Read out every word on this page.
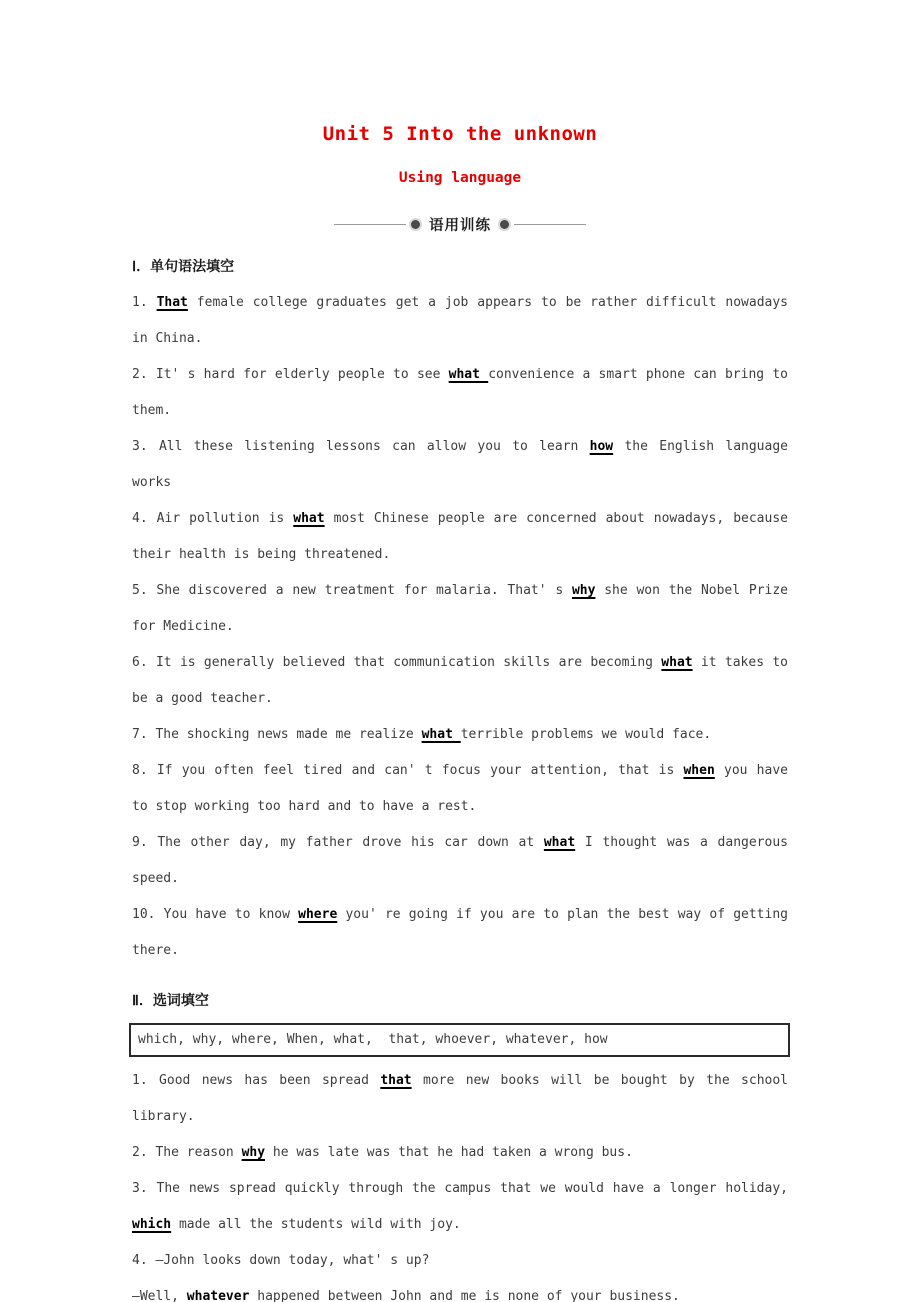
Unit 5 Into the unknown
Using language
语用训练
Ⅰ．单句语法填空

1. That female college graduates get a job appears to be rather difficult nowadays in China.

2. It' s hard for elderly people to see what convenience a smart phone can bring to them.

3. All these listening lessons can allow you to learn how the English language works

4. Air pollution is what most Chinese people are concerned about nowadays, because their health is being threatened.

5. She discovered a new treatment for malaria. That' s why she won the Nobel Prize for Medicine.

6. It is generally believed that communication skills are becoming what it takes to be a good teacher.

7. The shocking news made me realize what terrible problems we would face.

8. If you often feel tired and can' t focus your attention, that is when you have to stop working too hard and to have a rest.

9. The other day, my father drove his car down at what I thought was a dangerous speed.

10. You have to know where you' re going if you are to plan the best way of getting there.

Ⅱ．选词填空
which, why, where, When, what,  that, whoever, whatever, how

1. Good news has been spread that more new books will be bought by the school library.

2. The reason why he was late was that he had taken a wrong bus.

3. The news spread quickly through the campus that we would have a longer holiday, which made all the students wild with joy.

4. —John looks down today, what' s up?

—Well, whatever happened between John and me is none of your business.
